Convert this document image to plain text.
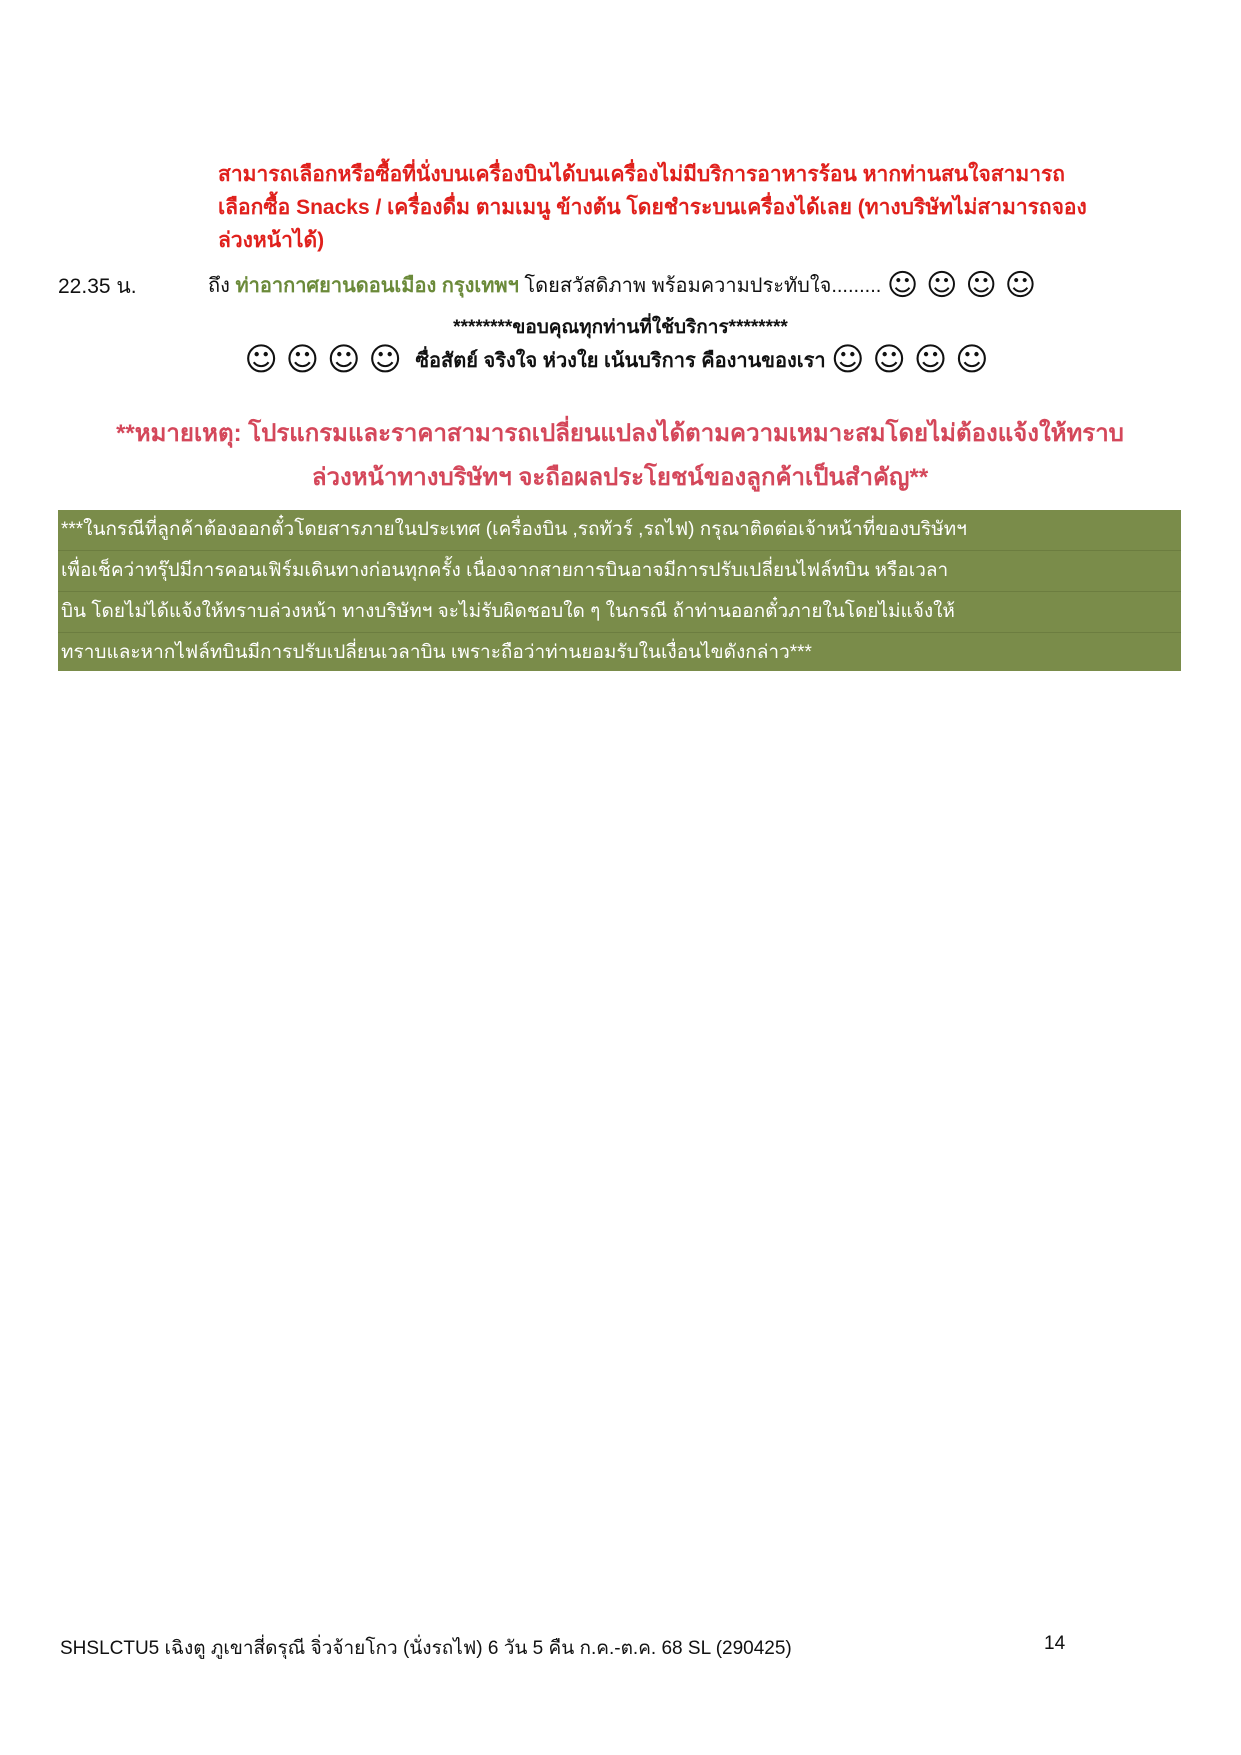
สามารถเลือกหรือซื้อที่นั่งบนเครื่องบินได้บนเครื่องไม่มีบริการอาหารร้อน หากท่านสนใจสามารถ
เลือกซื้อ Snacks / เครื่องดื่ม ตามเมนู ข้างต้น โดยชำระบนเครื่องได้เลย (ทางบริษัทไม่สามารถจอง
ล่วงหน้าได้)
22.35 น.	ถึง ท่าอากาศยานดอนเมือง กรุงเทพฯ โดยสวัสดิภาพ พร้อมความประทับใจ......... ☺☺☺☺
********ขอบคุณทุกท่านที่ใช้บริการ********
☺☺☺☺ ซื่อสัตย์ จริงใจ ห่วงใย เน้นบริการ คืองานของเรา ☺☺☺☺
**หมายเหตุ: โปรแกรมและราคาสามารถเปลี่ยนแปลงได้ตามความเหมาะสมโดยไม่ต้องแจ้งให้ทราบ
ล่วงหน้าทางบริษัทฯ จะถือผลประโยชน์ของลูกค้าเป็นสำคัญ**
***ในกรณีที่ลูกค้าต้องออกตั๋วโดยสารภายในประเทศ (เครื่องบิน ,รถทัวร์ ,รถไฟ) กรุณาติดต่อเจ้าหน้าที่ของบริษัทฯ
เพื่อเช็คว่าทรุ๊ปมีการคอนเฟิร์มเดินทางก่อนทุกครั้ง เนื่องจากสายการบินอาจมีการปรับเปลี่ยนไฟล์ทบิน หรือเวลา
บิน โดยไม่ได้แจ้งให้ทราบล่วงหน้า ทางบริษัทฯ จะไม่รับผิดชอบใด ๆ ในกรณี ถ้าท่านออกตั๋วภายในโดยไม่แจ้งให้
ทราบและหากไฟล์ทบินมีการปรับเปลี่ยนเวลาบิน เพราะถือว่าท่านยอมรับในเงื่อนไขดังกล่าว***
SHSLCTU5 เฉิงตู ภูเขาสี่ดรุณี จิ่วจ้ายโกว (นั่งรถไฟ) 6 วัน 5 คืน ก.ค.-ต.ค. 68 SL (290425)	14
